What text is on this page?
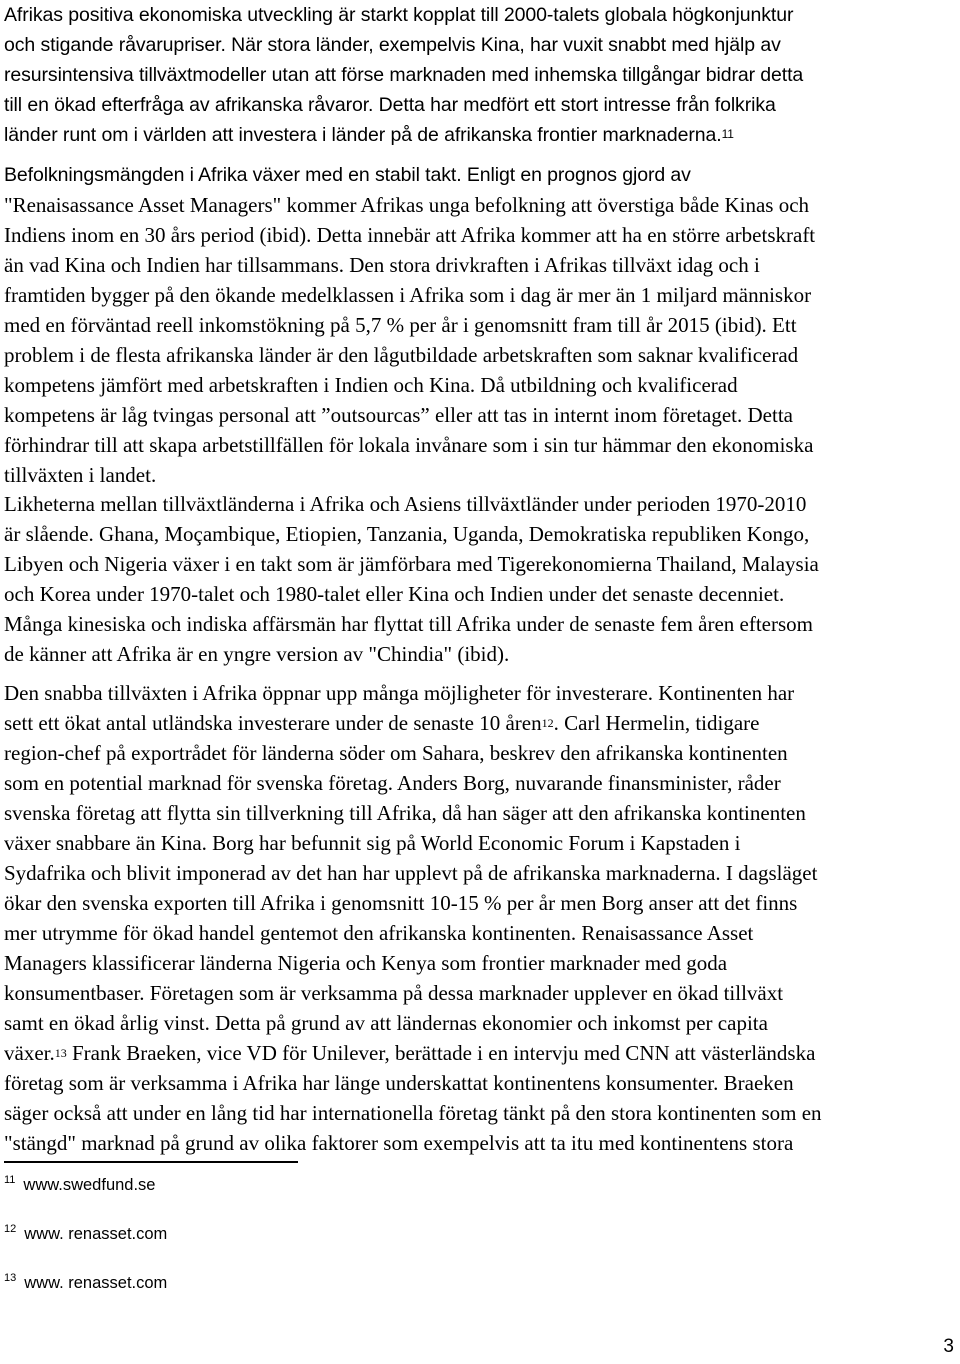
Afrikas positiva ekonomiska utveckling är starkt kopplat till 2000-talets globala högkonjunktur
och stigande råvarupriser. När stora länder, exempelvis Kina, har vuxit snabbt med hjälp av
resursintensiva tillväxtmodeller utan att förse marknaden med inhemska tillgångar bidrar detta
till en ökad efterfråga av afrikanska råvaror. Detta har medfört ett stort intresse från folkrika
länder runt om i världen att investera i länder på de afrikanska frontier marknaderna.$^{11}$
Befolkningsmängden i Afrika växer med en stabil takt. Enligt en prognos gjord av
"Renaisassance Asset Managers" kommer Afrikas unga befolkning att överstiga både Kinas och
Indiens inom en 30 års period (ibid). Detta innebär att Afrika kommer att ha en större arbetskraft
än vad Kina och Indien har tillsammans. Den stora drivkraften i Afrikas tillväxt idag och i
framtiden bygger på den ökande medelklassen i Afrika som i dag är mer än 1 miljard människor
med en förväntad reell inkomstökning på 5,7 % per år i genomsnitt fram till år 2015 (ibid). Ett
problem i de flesta afrikanska länder är den lågutbildade arbetskraften som saknar kvalificerad
kompetens jämfört med arbetskraften i Indien och Kina. Då utbildning och kvalificerad
kompetens är låg tvingas personal att ”outsourcas” eller att tas in internt inom företaget. Detta
förhindrar till att skapa arbetstillfällen för lokala invånare som i sin tur hämmar den ekonomiska
tillväxten i landet.
Likheterna mellan tillväxtländerna i Afrika och Asiens tillväxtländer under perioden 1970-2010
är slående. Ghana, Moçambique, Etiopien, Tanzania, Uganda, Demokratiska republiken Kongo,
Libyen och Nigeria växer i en takt som är jämförbara med Tigerekonomierna Thailand, Malaysia
och Korea under 1970-talet och 1980-talet eller Kina och Indien under det senaste decenniet.
Många kinesiska och indiska affärsmän har flyttat till Afrika under de senaste fem åren eftersom
de känner att Afrika är en yngre version av "Chindia" (ibid).
Den snabba tillväxten i Afrika öppnar upp många möjligheter för investerare. Kontinenten har
sett ett ökat antal utländska investerare under de senaste 10 åren$^{12}$. Carl Hermelin, tidigare
region-chef på exportrådet för länderna söder om Sahara, beskrev den afrikanska kontinenten
som en potential marknad för svenska företag. Anders Borg, nuvarande finansminister, råder
svenska företag att flytta sin tillverkning till Afrika, då han säger att den afrikanska kontinenten
växer snabbare än Kina. Borg har befunnit sig på World Economic Forum i Kapstaden i
Sydafrika och blivit imponerad av det han har upplevt på de afrikanska marknaderna. I dagsläget
ökar den svenska exporten till Afrika i genomsnitt 10-15 % per år men Borg anser att det finns
mer utrymme för ökad handel gentemot den afrikanska kontinenten. Renaisassance Asset
Managers klassificerar länderna Nigeria och Kenya som frontier marknader med goda
konsumentbaser. Företagen som är verksamma på dessa marknader upplever en ökad tillväxt
samt en ökad årlig vinst. Detta på grund av att ländernas ekonomier och inkomst per capita
växer.$^{13}$ Frank Braeken, vice VD för Unilever, berättade i en intervju med CNN att västerländska
företag som är verksamma i Afrika har länge underskattat kontinentens konsumenter. Braeken
säger också att under en lång tid har internationella företag tänkt på den stora kontinenten som en
"stängd" marknad på grund av olika faktorer som exempelvis att ta itu med kontinentens stora
$^{11}$ www.swedfund.se
$^{12}$ www. renasset.com
$^{13}$ www. renasset.com
3
